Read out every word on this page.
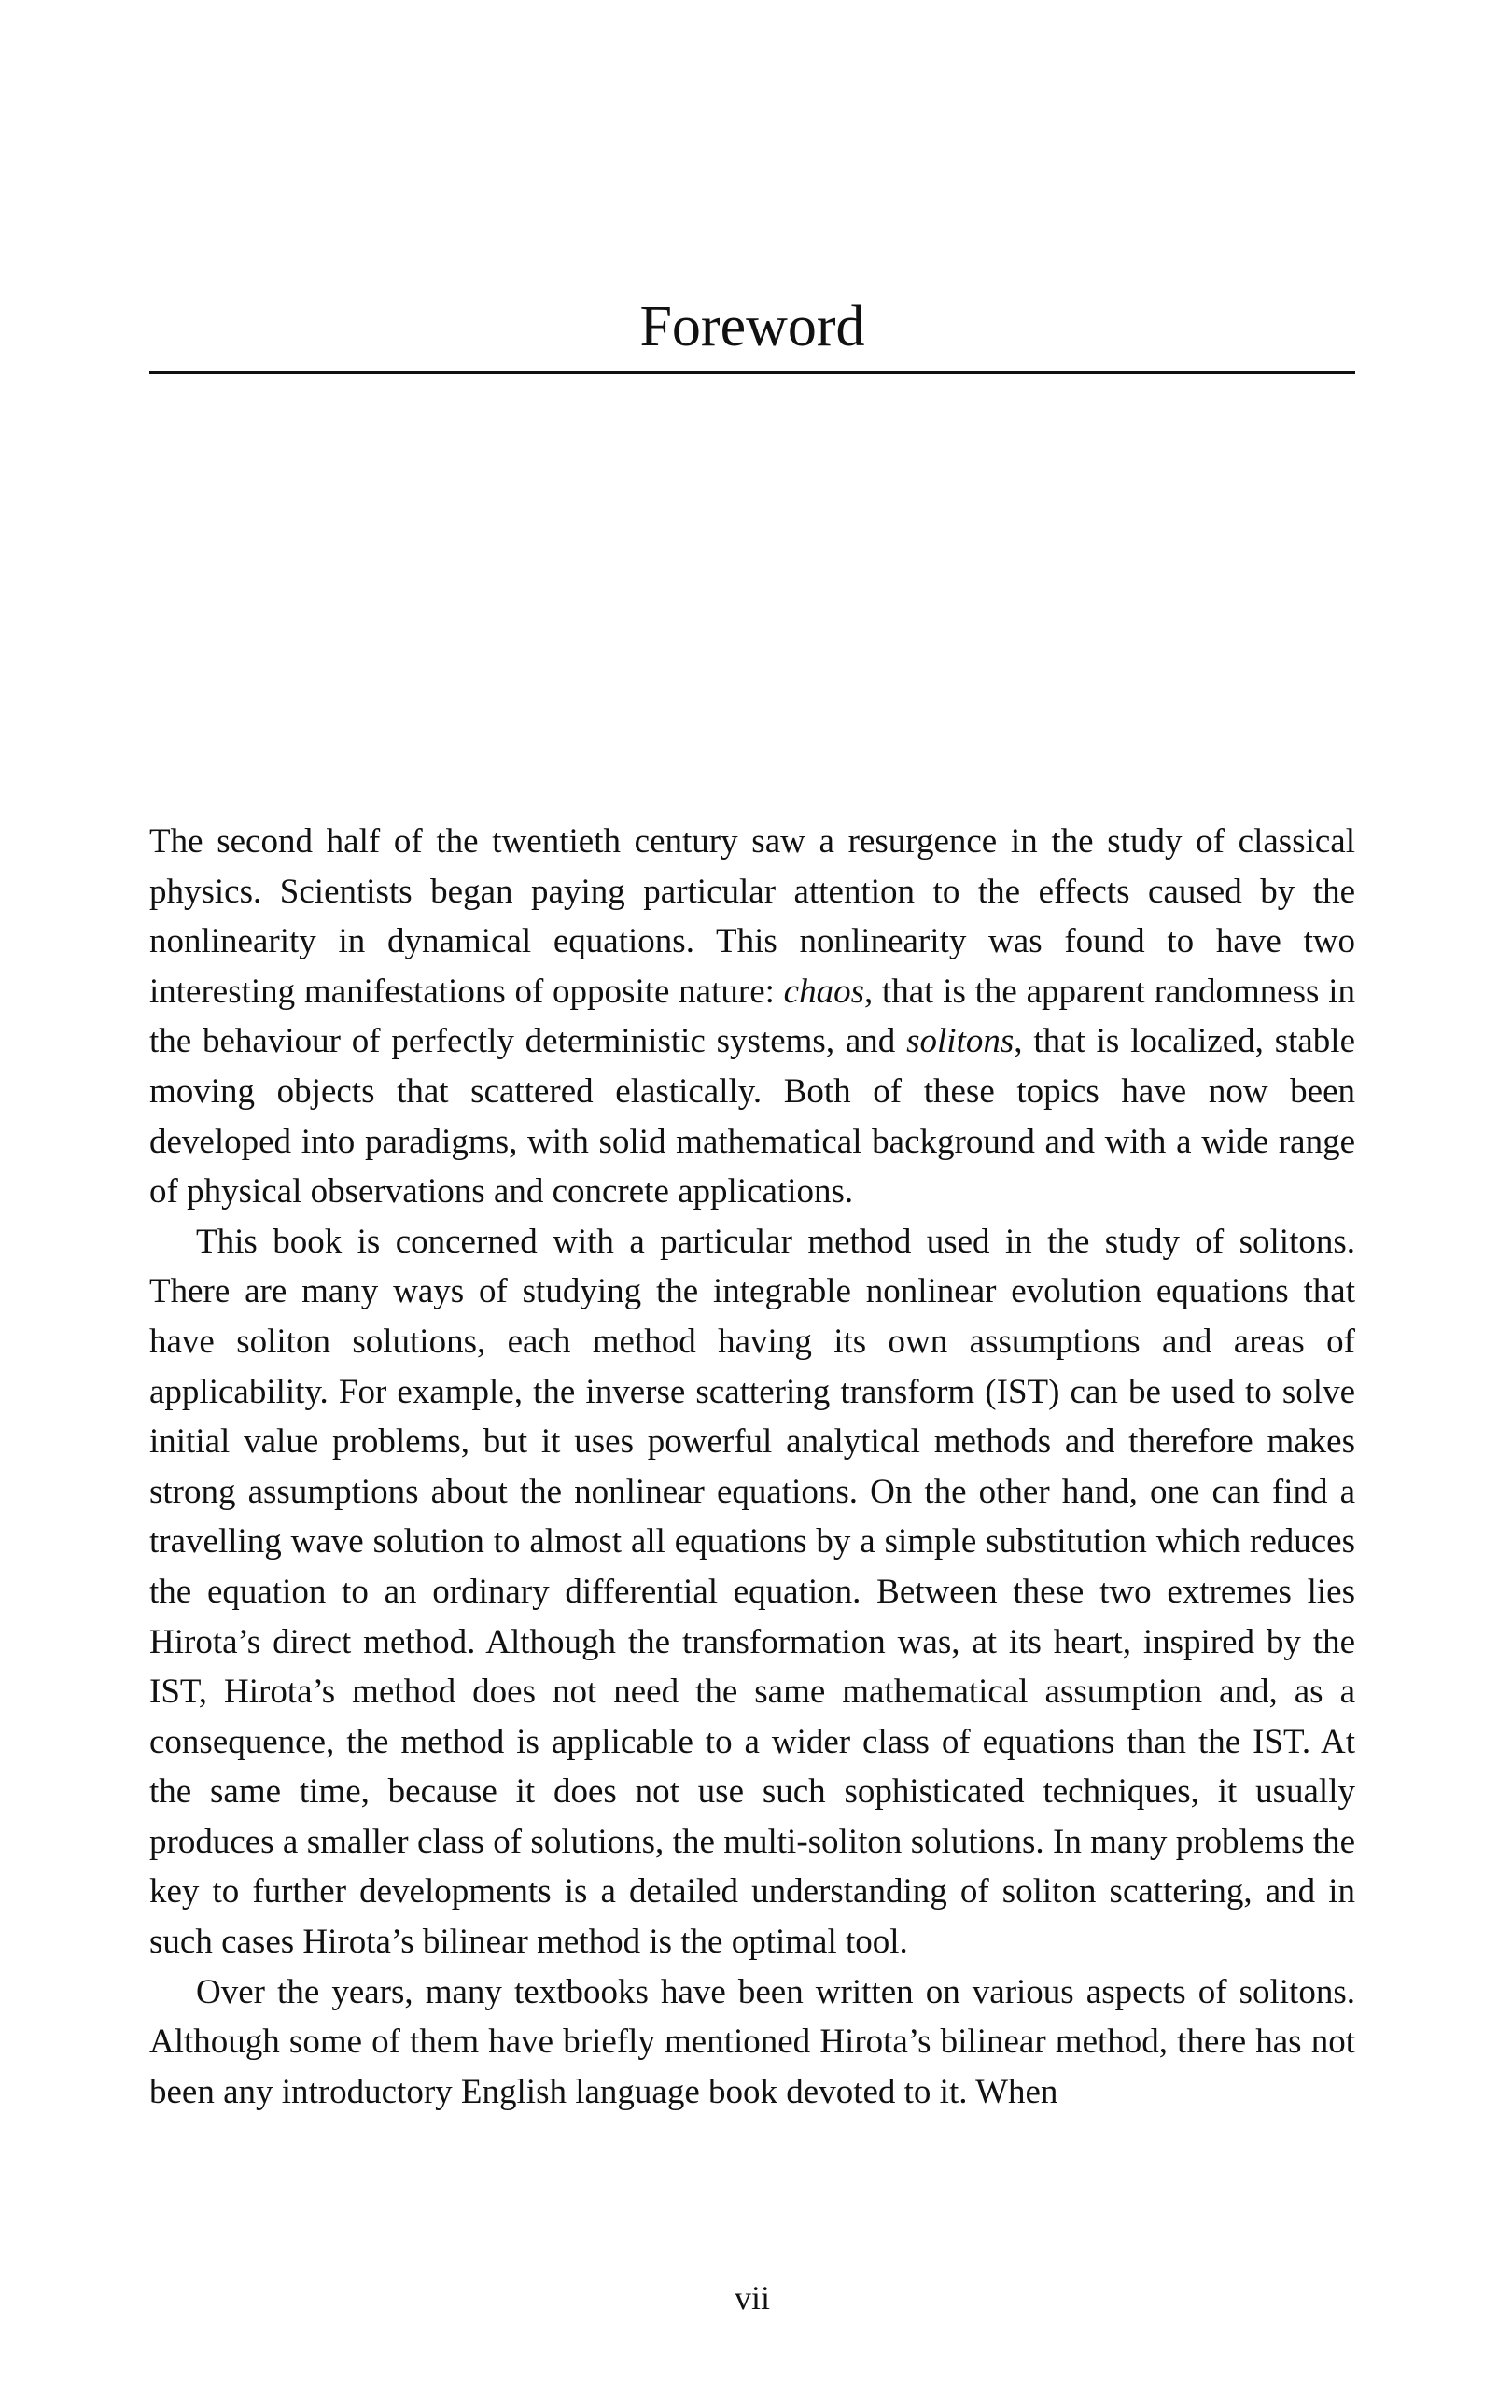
Foreword

The second half of the twentieth century saw a resurgence in the study of classical physics. Scientists began paying particular attention to the effects caused by the nonlinearity in dynamical equations. This nonlinearity was found to have two interesting manifestations of opposite nature: chaos, that is the apparent randomness in the behaviour of perfectly deterministic systems, and solitons, that is localized, stable moving objects that scattered elastically. Both of these topics have now been developed into paradigms, with solid mathematical background and with a wide range of physical observations and concrete applications.

This book is concerned with a particular method used in the study of solitons. There are many ways of studying the integrable nonlinear evolution equations that have soliton solutions, each method having its own assumptions and areas of applicability. For example, the inverse scattering transform (IST) can be used to solve initial value problems, but it uses powerful analytical methods and therefore makes strong assumptions about the nonlinear equations. On the other hand, one can find a travelling wave solution to almost all equations by a simple substitution which reduces the equation to an ordinary differential equation. Between these two extremes lies Hirota’s direct method. Although the transformation was, at its heart, inspired by the IST, Hirota’s method does not need the same mathematical assumption and, as a consequence, the method is applicable to a wider class of equations than the IST. At the same time, because it does not use such sophisticated techniques, it usually produces a smaller class of solutions, the multi-soliton solutions. In many problems the key to further developments is a detailed understanding of soliton scattering, and in such cases Hirota’s bilinear method is the optimal tool.

Over the years, many textbooks have been written on various aspects of solitons. Although some of them have briefly mentioned Hirota’s bilinear method, there has not been any introductory English language book devoted to it. When

vii
